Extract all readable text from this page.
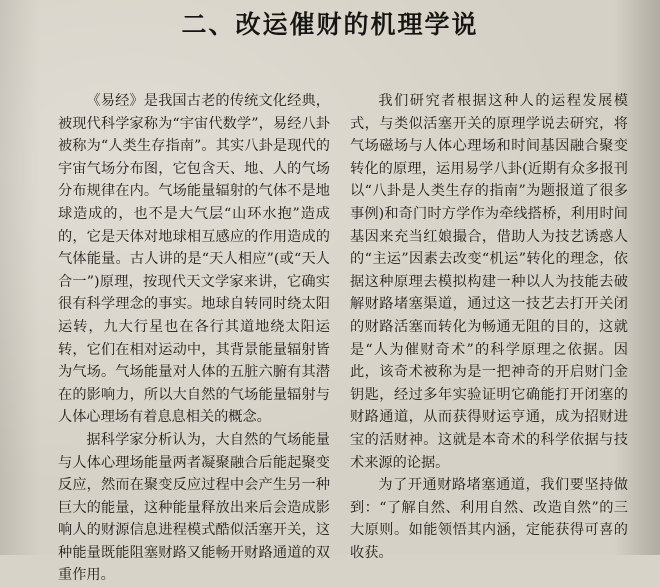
二、改运催财的机理学说

《易经》是我国古老的传统文化经典，被现代科学家称为“宇宙代数学”，易经八卦被称为“人类生存指南”。其实八卦是现代的宇宙气场分布图，它包含天、地、人的气场分布规律在内。气场能量辐射的气体不是地球造成的，也不是大气层“山环水抱”造成的，它是天体对地球相互感应的作用造成的气体能量。古人讲的是“天人相应”(或“天人合一”)原理，按现代天文学家来讲，它确实很有科学理念的事实。地球自转同时绕太阳运转，九大行星也在各行其道地绕太阳运转，它们在相对运动中，其背景能量辐射皆为气场。气场能量对人体的五脏六腑有其潜在的影响力，所以大自然的气场能量辐射与人体心理场有着息息相关的概念。

据科学家分析认为，大自然的气场能量与人体心理场能量两者凝聚融合后能起聚变反应，然而在聚变反应过程中会产生另一种巨大的能量，这种能量释放出来后会造成影响人的财源信息进程模式酷似活塞开关，这种能量既能阻塞财路又能畅开财路通道的双重作用。

我们研究者根据这种人的运程发展模式，与类似活塞开关的原理学说去研究，将气场磁场与人体心理场和时间基因融合聚变转化的原理，运用易学八卦(近期有众多报刊以“八卦是人类生存的指南”为题报道了很多事例)和奇门时方学作为牵线搭桥，利用时间基因来充当红娘撮合，借助人为技艺诱惑人的“主运”因素去改变“机运”转化的理念，依据这种原理去模拟构建一种以人为技能去破解财路堵塞渠道，通过这一技艺去打开关闭的财路活塞而转化为畅通无阻的目的，这就是“人为催财奇术”的科学原理之依据。因此，该奇术被称为是一把神奇的开启财门金钥匙，经过多年实验证明它确能打开闭塞的财路通道，从而获得财运亨通，成为招财进宝的活财神。这就是本奇术的科学依据与技术来源的论据。

为了开通财路堵塞通道，我们要坚持做到：“了解自然、利用自然、改造自然”的三大原则。如能领悟其内涵，定能获得可喜的收获。
